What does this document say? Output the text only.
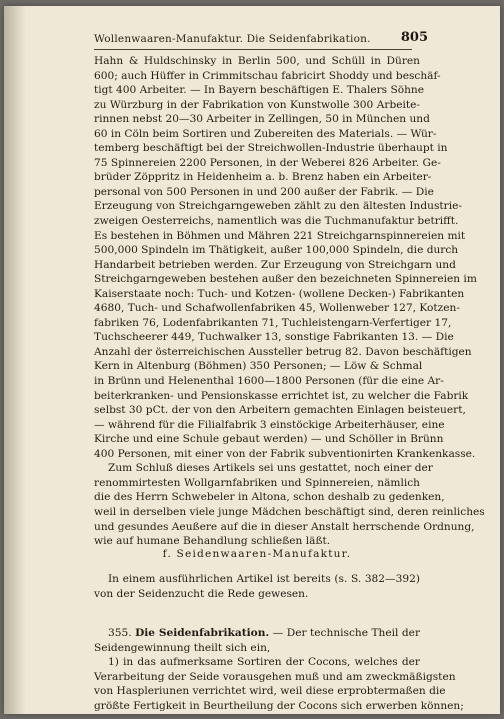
Wollenwaaren-Manufaktur. Die Seidenfabrikation.	805
Hahn & Huldschinsky in Berlin 500, und Schüll in Düren
600; auch Hüffer in Crimmitschau fabricirt Shoddy und beschäf-
tigt 400 Arbeiter. — In Bayern beschäftigen E. Thalers Söhne
zu Würzburg in der Fabrikation von Kunstwolle 300 Arbeite-
rinnen nebst 20—30 Arbeiter in Zellingen, 50 in München und
60 in Cöln beim Sortiren und Zubereiten des Materials. — Wür-
temberg beschäftigt bei der Streichwollen-Industrie überhaupt in
75 Spinnereien 2200 Personen, in der Weberei 826 Arbeiter. Ge-
brüder Zöppritz in Heidenheim a. b. Brenz haben ein Arbeiter-
personal von 500 Personen in und 200 außer der Fabrik. — Die
Erzeugung von Streichgarngeweben zählt zu den ältesten Industrie-
zweigen Oesterreichs, namentlich was die Tuchmanufaktur betrifft.
Es bestehen in Böhmen und Mähren 221 Streichgarnspinnereien mit
500,000 Spindeln im Thätigkeit, außer 100,000 Spindeln, die durch
Handarbeit betrieben werden. Zur Erzeugung von Streichgarn und
Streichgarngeweben bestehen außer den bezeichneten Spinnereien im
Kaiserstaate noch: Tuch- und Kotzen- (wollene Decken-) Fabrikanten
4680, Tuch- und Schafwollenfabriken 45, Wollenweber 127, Kotzen-
fabriken 76, Lodenfabrikanten 71, Tuchleistengarn-Verfertiger 17,
Tuchscheerer 449, Tuchwalker 13, sonstige Fabrikanten 13. — Die
Anzahl der österreichischen Aussteller betrug 82. Davon beschäftigen
Kern in Altenburg (Böhmen) 350 Personen; — Löw & Schmal
in Brünn und Helenenthal 1600—1800 Personen (für die eine Ar-
beiterkranken- und Pensionskasse errichtet ist, zu welcher die Fabrik
selbst 30 pCt. der von den Arbeitern gemachten Einlagen beisteuert,
— während für die Filialfabrik 3 einstöckige Arbeiterhäuser, eine
Kirche und eine Schule gebaut werden) — und Schöller in Brünn
400 Personen, mit einer von der Fabrik subventionirten Krankenkasse.
Zum Schluß dieses Artikels sei uns gestattet, noch einer der
renommirtesten Wollgarnfabriken und Spinnereien, nämlich
die des Herrn Schwebeler in Altona, schon deshalb zu gedenken,
weil in derselben viele junge Mädchen beschäftigt sind, deren reinliches
und gesundes Aeußere auf die in dieser Anstalt herrschende Ordnung,
wie auf humane Behandlung schließen läßt.
f. Seidenwaaren-Manufaktur.
In einem ausführlichen Artikel ist bereits (s. S. 382—392)
von der Seidenzucht die Rede gewesen.
355. Die Seidenfabrikation. — Der technische Theil der
Seidengewinnung theilt sich ein,
1) in das aufmerksame Sortiren der Cocons, welches der
Verarbeitung der Seide vorausgehen muß und am zweckmäßigsten
von Haspleriunen verrichtet wird, weil diese erprobtermaßen die
größte Fertigkeit in Beurtheilung der Cocons sich erwerben können;
